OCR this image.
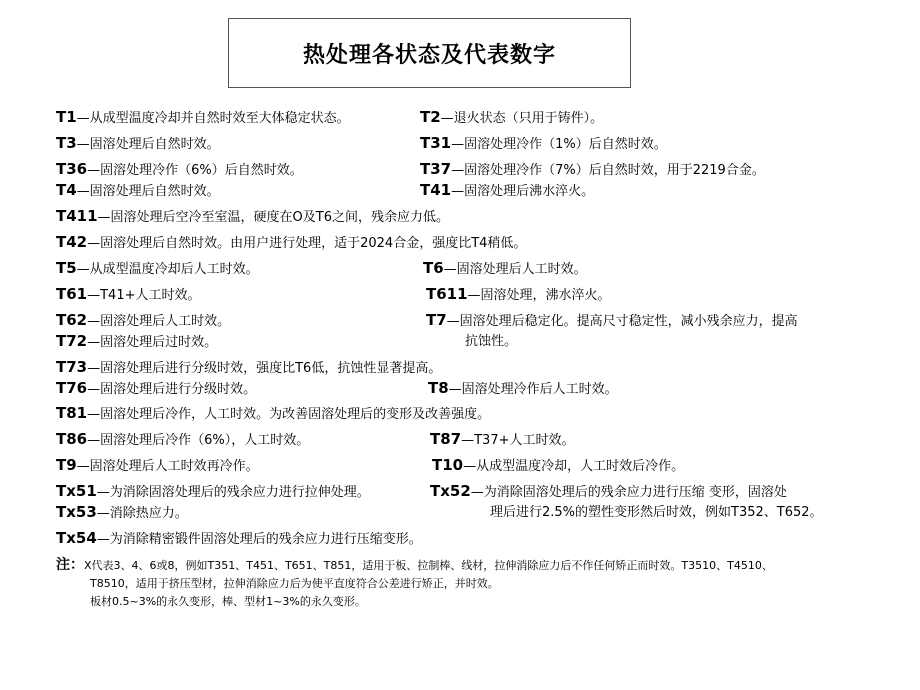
热处理各状态及代表数字
T1—从成型温度冷却并自然时效至大体稳定状态。	T2—退火状态（只用于铸件）。
T3—固溶处理后自然时效。	T31—固溶处理冷作（1%）后自然时效。
T36—固溶处理冷作（6%）后自然时效。	T37—固溶处理冷作（7%）后自然时效，用于2219合金。
T4—固溶处理后自然时效。	T41—固溶处理后沸水淬火。
T411—固溶处理后空冷至室温，硬度在O及T6之间，残余应力低。
T42—固溶处理后自然时效。由用户进行处理，适于2024合金，强度比T4稍低。
T5—从成型温度冷却后人工时效。	T6—固溶处理后人工时效。
T61—T41+人工时效。	T611—固溶处理，沸水淬火。
T62—固溶处理后人工时效。	T7—固溶处理后稳定化。提高尺寸稳定性，减小残余应力，提高
抗蚀性。
T72—固溶处理后过时效。
T73—固溶处理后进行分级时效，强度比T6低，抗蚀性显著提高。
T76—固溶处理后进行分级时效。	T8—固溶处理冷作后人工时效。
T81—固溶处理后冷作，人工时效。为改善固溶处理后的变形及改善强度。
T86—固溶处理后冷作（6%），人工时效。	T87—T37+人工时效。
T9—固溶处理后人工时效再冷作。	T10—从成型温度冷却，人工时效后冷作。
Tx51—为消除固溶处理后的残余应力进行拉伸处理。	Tx52—为消除固溶处理后的残余应力进行压缩 变形，固溶处
理后进行2.5%的塑性变形然后时效，例如T352、T652。
Tx53—消除热应力。
Tx54—为消除精密锻件固溶处理后的残余应力进行压缩变形。
注：X代表3、4、6或8，例如T351、T451、T651、T851，适用于板、拉制棒、线材，拉伸消除应力后不作任何矫正而时效。T3510、T4510、
T8510，适用于挤压型材，拉伸消除应力后为使平直度符合公差进行矫正，并时效。
板材0.5~3%的永久变形，棒、型材1~3%的永久变形。
